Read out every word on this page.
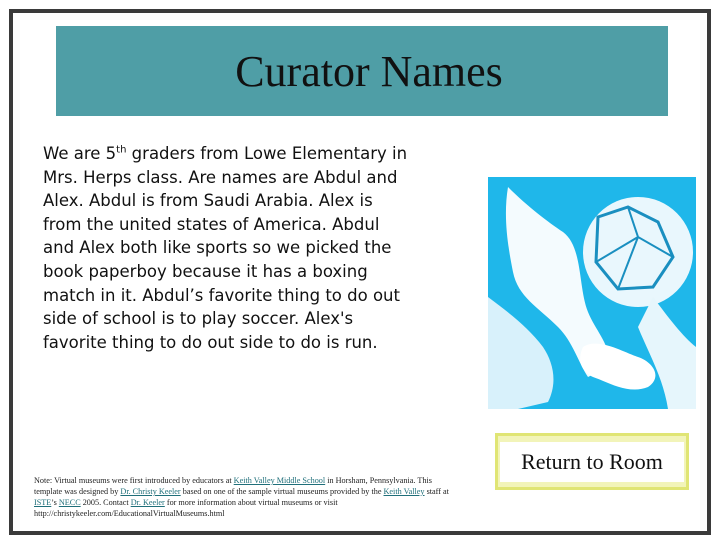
Curator Names
We are 5th graders from Lowe Elementary in Mrs. Herps class. Are names are Abdul and Alex. Abdul is from Saudi Arabia. Alex is from the united states of America. Abdul and Alex both like sports so we picked the book paperboy because it has a boxing match in it. Abdul’s favorite thing to do out side of school is to play soccer. Alex's favorite thing to do out side to do is run.
Return to Room
Note: Virtual museums were first introduced by educators at Keith Valley Middle School in Horsham, Pennsylvania. This template was designed by Dr. Christy Keeler based on one of the sample virtual museums provided by the Keith Valley staff at ISTE’s NECC 2005. Contact Dr. Keeler for more information about virtual museums or visit http://christykeeler.com/EducationalVirtualMuseums.html
